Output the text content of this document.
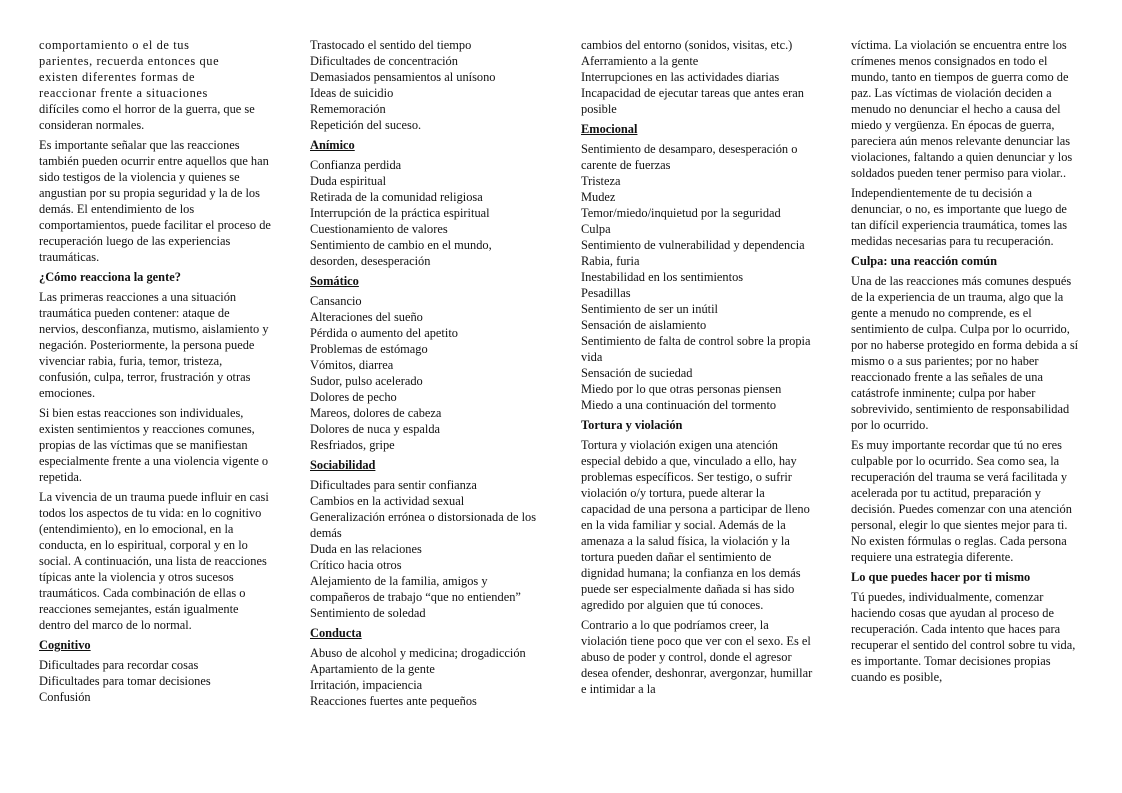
comportamiento o el de tus
parientes, recuerda entonces que
existen diferentes formas de
reaccionar frente a situaciones

difíciles como el horror de la guerra, que se consideran normales.

Es importante señalar que las reacciones también pueden ocurrir entre aquellos que han sido testigos de la violencia y quienes se angustian por su propia seguridad y la de los demás. El entendimiento de los comportamientos, puede facilitar el proceso de recuperación luego de las experiencias traumáticas.

¿Cómo reacciona la gente?

Las primeras reacciones a una situación traumática pueden contener: ataque de nervios, desconfianza, mutismo, aislamiento y negación. Posteriormente, la persona puede vivenciar rabia, furia, temor, tristeza, confusión, culpa, terror, frustración y otras emociones.

Si bien estas reacciones son individuales, existen sentimientos y reacciones comunes, propias de las víctimas que se manifiestan especialmente frente a una violencia vigente o repetida.

La vivencia de un trauma puede influir en casi todos los aspectos de tu vida: en lo cognitivo (entendimiento), en lo emocional, en la conducta, en lo espiritual, corporal y en lo social. A continuación, una lista de reacciones típicas ante la violencia y otros sucesos traumáticos. Cada combinación de ellas o reacciones semejantes, están igualmente dentro del marco de lo normal.

Cognitivo
Dificultades para recordar cosas
Dificultades para tomar decisiones
Confusión
Trastocado el sentido del tiempo
Dificultades de concentración
Demasiados pensamientos al unísono
Ideas de suicidio
Rememoración
Repetición del suceso.
Anímico
Confianza perdida
Duda espiritual
Retirada de la comunidad religiosa
Interrupción de la práctica espiritual
Cuestionamiento de valores
Sentimiento de cambio en el mundo, desorden, desesperación
Somático
Cansancio
Alteraciones del sueño
Pérdida o aumento del apetito
Problemas de estómago
Vómitos, diarrea
Sudor, pulso acelerado
Dolores de pecho
Mareos, dolores de cabeza
Dolores de nuca y espalda
Resfriados, gripe
Sociabilidad
Dificultades para sentir confianza
Cambios en la actividad sexual
Generalización errónea o distorsionada de los demás
Duda en las relaciones
Crítico hacia otros
Alejamiento de la familia, amigos y compañeros de trabajo “que no entienden”
Sentimiento de soledad
Conducta
Abuso de alcohol y medicina; drogadicción
Apartamiento de la gente
Irritación, impaciencia
Reacciones fuertes ante pequeños
cambios del entorno (sonidos, visitas, etc.)
Aferramiento a la gente
Interrupciones en las actividades diarias
Incapacidad de ejecutar tareas que antes eran posible
Emocional
Sentimiento de desamparo, desesperación o carente de fuerzas
Tristeza
Mudez
Temor/miedo/inquietud por la seguridad
Culpa
Sentimiento de vulnerabilidad y dependencia
Rabia, furia
Inestabilidad en los sentimientos
Pesadillas
Sentimiento de ser un inútil
Sensación de aislamiento
Sentimiento de falta de control sobre la propia vida
Sensación de suciedad
Miedo por lo que otras personas piensen
Miedo a una continuación del tormento
Tortura y violación

Tortura y violación exigen una atención especial debido a que, vinculado a ello, hay problemas específicos. Ser testigo, o sufrir violación o/y tortura, puede alterar la capacidad de una persona a participar de lleno en la vida familiar y social. Además de la amenaza a la salud física, la violación y la tortura pueden dañar el sentimiento de dignidad humana; la confianza en los demás puede ser especialmente dañada si has sido agredido por alguien que tú conoces.

Contrario a lo que podríamos creer, la violación tiene poco que ver con el sexo. Es el abuso de poder y control, donde el agresor desea ofender, deshonrar, avergonzar, humillar e intimidar a la

víctima. La violación se encuentra entre los crímenes menos consignados en todo el mundo, tanto en tiempos de guerra como de paz. Las víctimas de violación deciden a menudo no denunciar el hecho a causa del miedo y vergüenza. En épocas de guerra, pareciera aún menos relevante denunciar las violaciones, faltando a quien denunciar y los soldados pueden tener permiso para violar..

Independientemente de tu decisión a denunciar, o no, es importante que luego de tan difícil experiencia traumática, tomes las medidas necesarias para tu recuperación.

Culpa: una reacción común

Una de las reacciones más comunes después de la experiencia de un trauma, algo que la gente a menudo no comprende, es el sentimiento de culpa. Culpa por lo ocurrido, por no haberse protegido en forma debida a sí mismo o a sus parientes; por no haber reaccionado frente a las señales de una catástrofe inminente; culpa por haber sobrevivido, sentimiento de responsabilidad por lo ocurrido.

Es muy importante recordar que tú no eres culpable por lo ocurrido. Sea como sea, la recuperación del trauma se verá facilitada y acelerada por tu actitud, preparación y decisión. Puedes comenzar con una atención personal, elegir lo que sientes mejor para ti. No existen fórmulas o reglas. Cada persona requiere una estrategia diferente.

Lo que puedes hacer por ti mismo

Tú puedes, individualmente, comenzar haciendo cosas que ayudan al proceso de recuperación. Cada intento que haces para recuperar el sentido del control sobre tu vida, es importante. Tomar decisiones propias cuando es posible,
